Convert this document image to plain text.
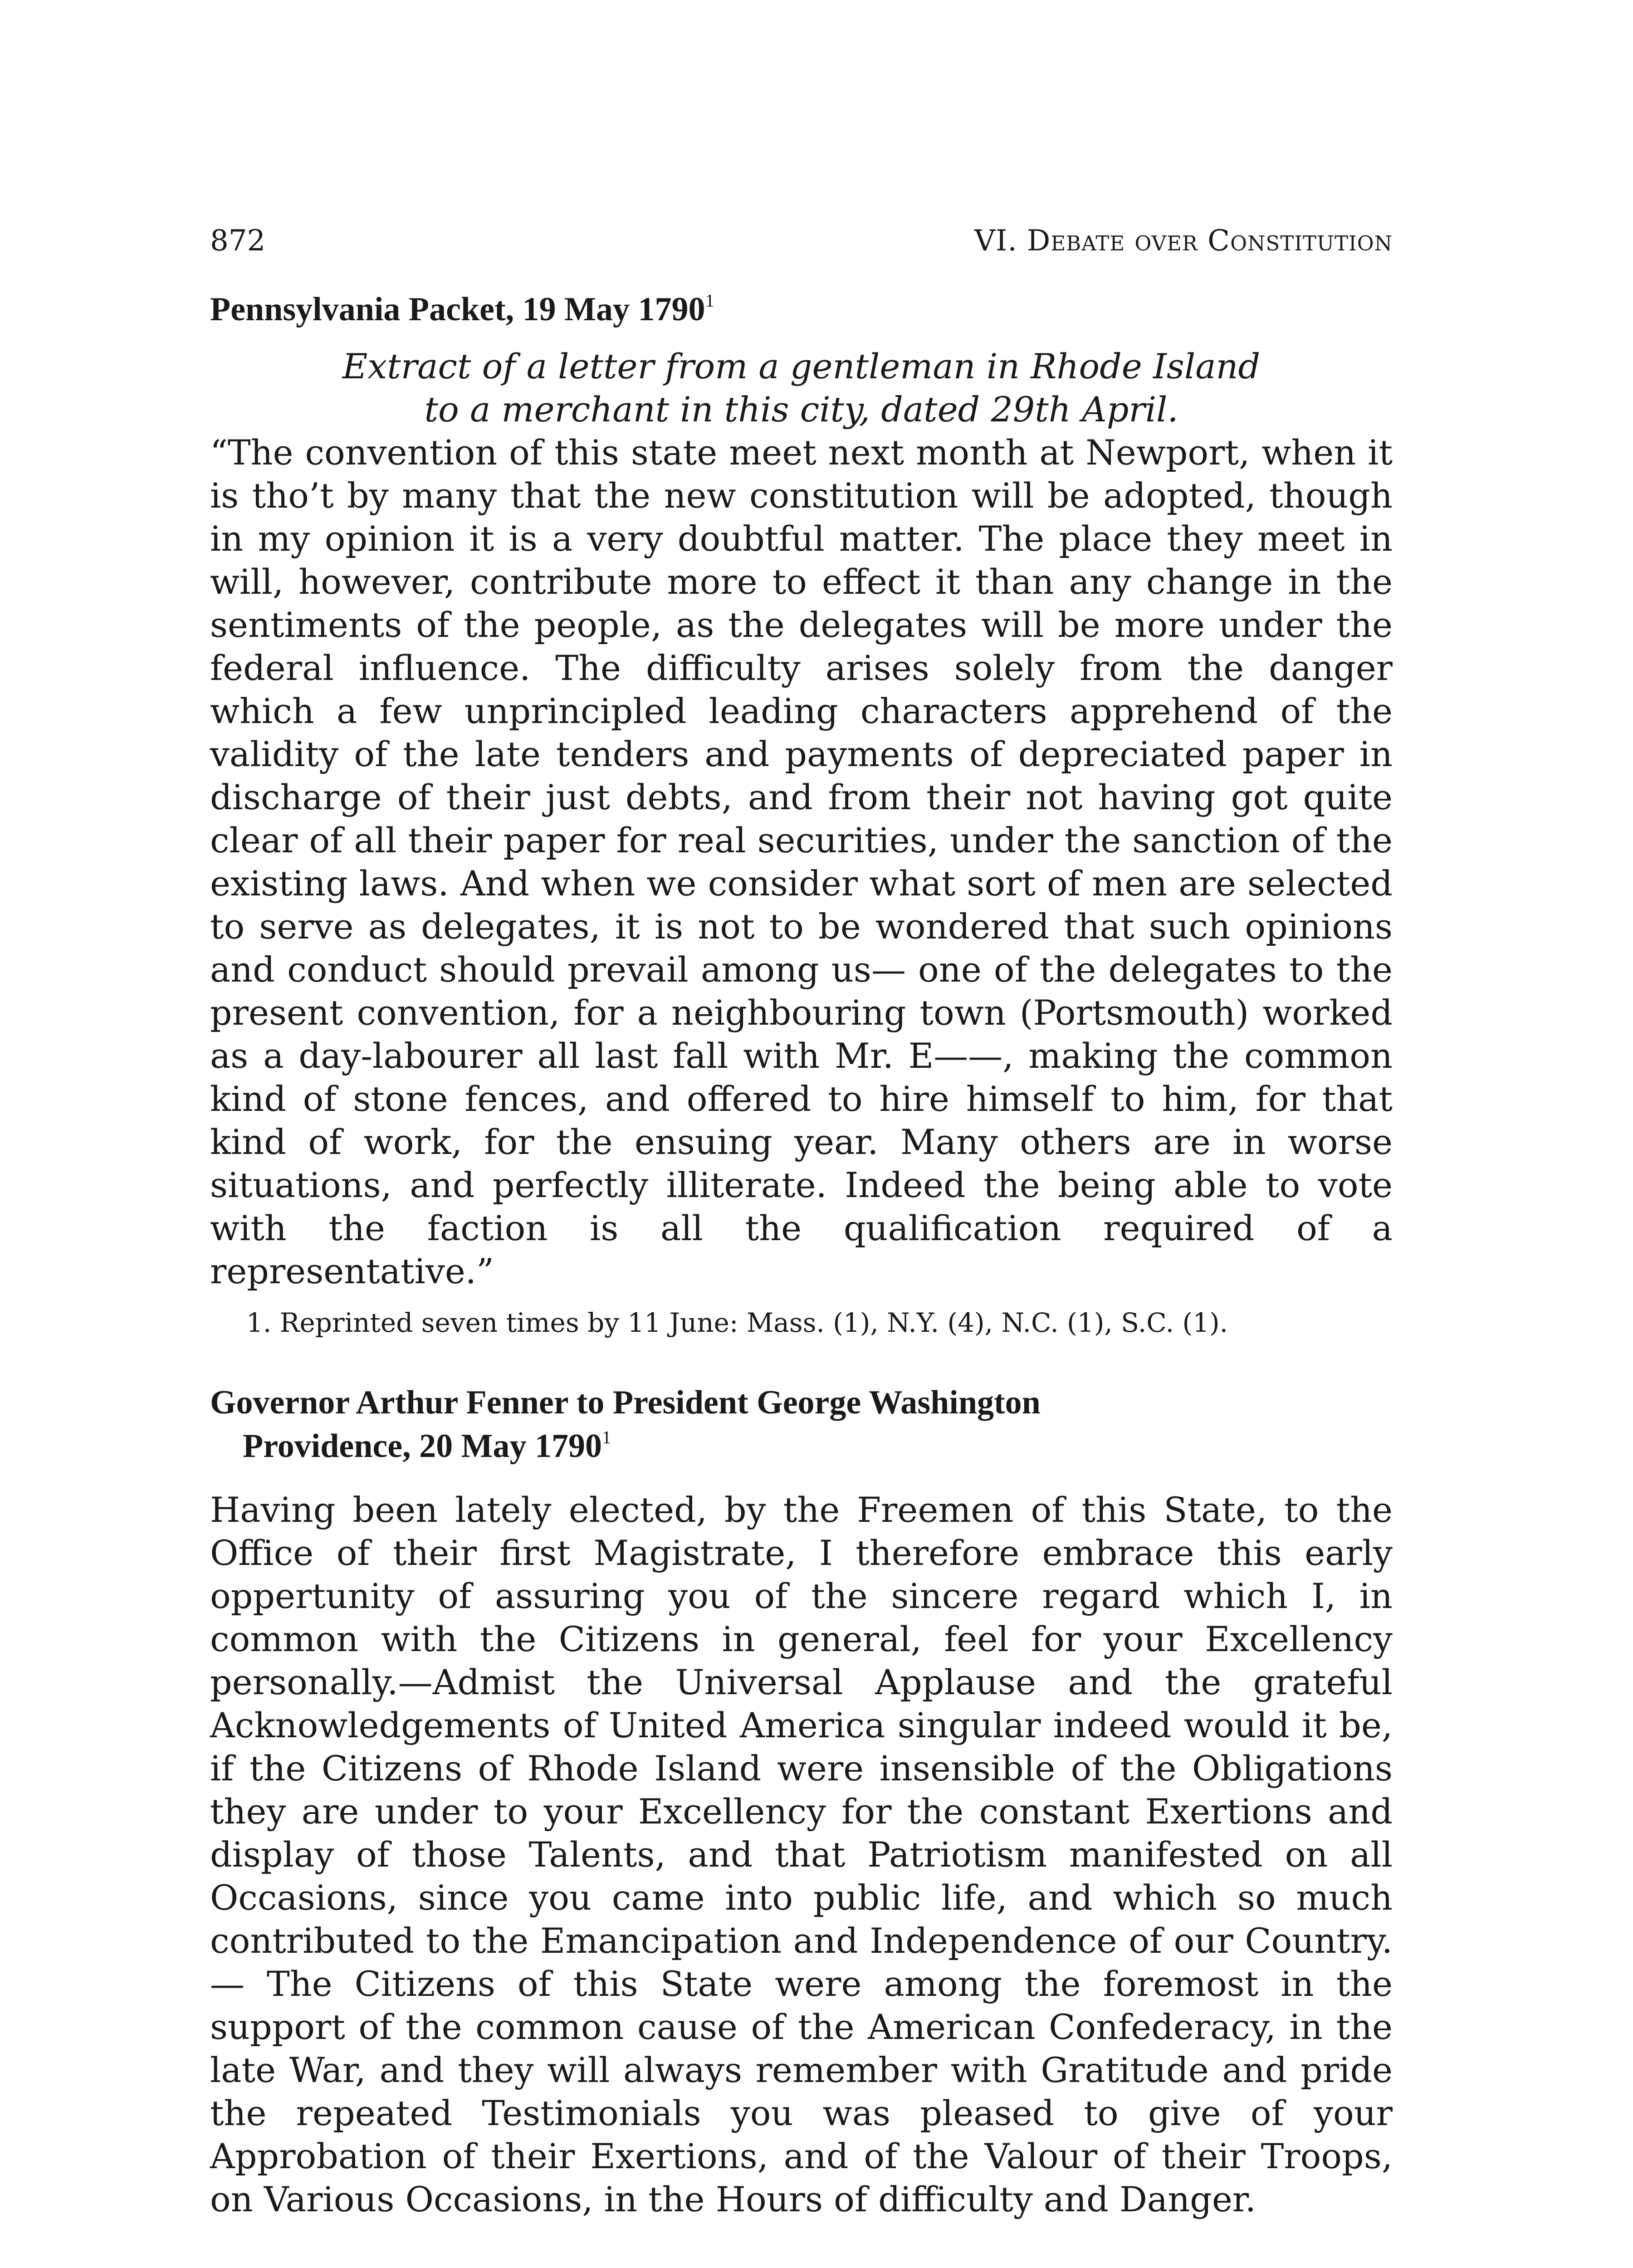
872	VI. Debate over Constitution
Pennsylvania Packet, 19 May 1790$^1$
Extract of a letter from a gentleman in Rhode Island
to a merchant in this city, dated 29th April.

“The convention of this state meet next month at Newport, when it is tho’t by many that the new constitution will be adopted, though in my opinion it is a very doubtful matter. The place they meet in will, however, contribute more to effect it than any change in the sentiments of the people, as the delegates will be more under the federal influence. The difficulty arises solely from the danger which a few unprincipled leading characters apprehend of the validity of the late tenders and payments of depreciated paper in discharge of their just debts, and from their not having got quite clear of all their paper for real securities, under the sanction of the existing laws. And when we consider what sort of men are selected to serve as delegates, it is not to be wondered that such opinions and conduct should prevail among us— one of the delegates to the present convention, for a neighbouring town (Portsmouth) worked as a day-labourer all last fall with Mr. E——, making the common kind of stone fences, and offered to hire himself to him, for that kind of work, for the ensuing year. Many others are in worse situations, and perfectly illiterate. Indeed the being able to vote with the faction is all the qualification required of a representative.”

1. Reprinted seven times by 11 June: Mass. (1), N.Y. (4), N.C. (1), S.C. (1).

Governor Arthur Fenner to President George Washington
Providence, 20 May 1790$^1$

Having been lately elected, by the Freemen of this State, to the Office of their first Magistrate, I therefore embrace this early oppertunity of assuring you of the sincere regard which I, in common with the Citizens in general, feel for your Excellency personally.—Admist the Universal Applause and the grateful Acknowledgements of United America singular indeed would it be, if the Citizens of Rhode Island were insensible of the Obligations they are under to your Excellency for the constant Exertions and display of those Talents, and that Patriotism manifested on all Occasions, since you came into public life, and which so much contributed to the Emancipation and Independence of our Country.— The Citizens of this State were among the foremost in the support of the common cause of the American Confederacy, in the late War, and they will always remember with Gratitude and pride the repeated Testimonials you was pleased to give of your Approbation of their Exertions, and of the Valour of their Troops, on Various Occasions, in the Hours of difficulty and Danger.
